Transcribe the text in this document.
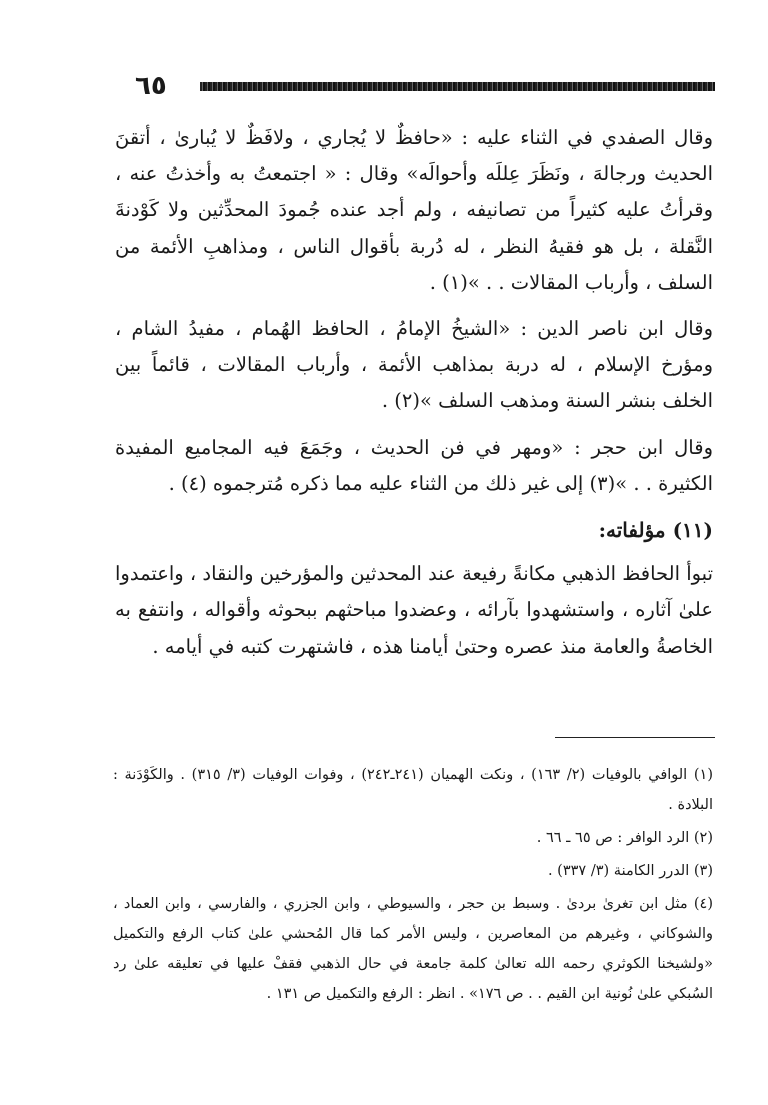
٦٥

وقال الصفدي في الثناء عليه : «حافظٌ لا يُجاري ، ولافَظٌ لا يُبارىٰ ، أتقنَ الحديث ورجالهَ ، ونَظَرَ عِللَه وأحوالَه» وقال : « اجتمعتُ به وأخذتُ عنه ، وقرأتُ عليه كثيراً من تصانيفه ، ولم أجد عنده جُمودَ المحدِّثين ولا كَوْدنةَ النَّقلة ، بل هو فقيهُ النظر ، له دُربة بأقوال الناس ، ومذاهبِ الأئمة من السلف ، وأرباب المقالات . . »(١) .

وقال ابن ناصر الدين : «الشيخُ الإمامُ ، الحافظ الهُمام ، مفيدُ الشام ، ومؤرخ الإسلام ، له دربة بمذاهب الأئمة ، وأرباب المقالات ، قائماً بين الخلف بنشر السنة ومذهب السلف »(٢) .

وقال ابن حجر : «ومهر في فن الحديث ، وجَمَعَ فيه المجاميع المفيدة الكثيرة . . »(٣) إلى غير ذلك من الثناء عليه مما ذكره مُترجموه (٤) .

(١١) مؤلفاته:

تبوأ الحافظ الذهبي مكانةً رفيعة عند المحدثين والمؤرخين والنقاد ، واعتمدوا علىٰ آثاره ، واستشهدوا بآرائه ، وعضدوا مباحثهم ببحوثه وأقواله ، وانتفع به الخاصةُ والعامة منذ عصره وحتىٰ أيامنا هذه ، فاشتهرت كتبه في أيامه .

(١) الوافي بالوفيات (٢/ ١٦٣) ، ونكت الهميان (٢٤١ـ٢٤٢) ، وفوات الوفيات (٣/ ٣١٥) . والكَوْدَنة : البلادة .

(٢) الرد الوافر : ص ٦٥ ـ ٦٦ .

(٣) الدرر الكامنة (٣/ ٣٣٧) .

(٤) مثل ابن تغرىٰ بردىٰ . وسبط بن حجر ، والسيوطي ، وابن الجزري ، والفارسي ، وابن العماد ، والشوكاني ، وغيرهم من المعاصرين ، وليس الأمر كما قال المُحشي علىٰ كتاب الرفع والتكميل «ولشيخنا الكوثري رحمه الله تعالىٰ كلمة جامعة في حال الذهبي فقفْ عليها في تعليقه علىٰ رد السُبكي علىٰ نُونية ابن القيم . . ص ١٧٦» . انظر : الرفع والتكميل ص ١٣١ .
